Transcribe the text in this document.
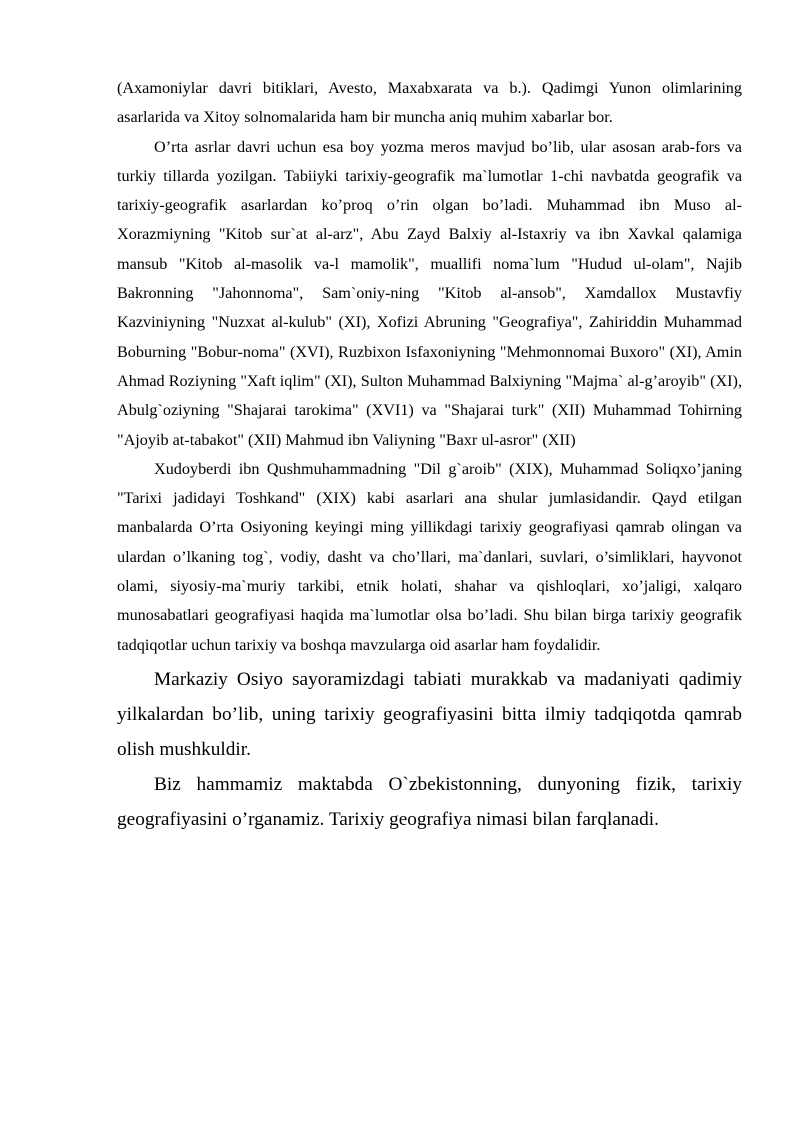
(Axamoniylar davri bitiklari, Avesto, Maxabxarata va b.). Qadimgi Yunon olimlarining asarlarida va Xitoy solnomalarida ham bir muncha aniq muhim xabarlar bor.

O’rta asrlar davri uchun esa boy yozma meros mavjud bo’lib, ular asosan arab-fors va turkiy tillarda yozilgan. Tabiiyki tarixiy-geografik ma`lumotlar 1-chi navbatda geografik va tarixiy-geografik asarlardan ko’proq o’rin olgan bo’ladi. Muhammad ibn Muso al-Xorazmiyning "Kitob sur`at al-arz", Abu Zayd Balxiy al-Istaxriy va ibn Xavkal qalamiga mansub "Kitob al-masolik va-l mamolik", muallifi noma`lum "Hudud ul-olam", Najib Bakronning "Jahonnoma", Sam`oniy-ning "Kitob al-ansob", Xamdallox Mustavfiy Kazviniyning "Nuzxat al-kulub" (XI), Xofizi Abruning "Geografiya", Zahiriddin Muhammad Boburning "Bobur-noma" (XVI), Ruzbixon Isfaxoniyning "Mehmonnomai Buxoro" (XI), Amin Ahmad Roziyning "Xaft iqlim" (XI), Sulton Muhammad Balxiyning "Majma` al-g’aroyib" (XI), Abulg`oziyning "Shajarai tarokima" (XVI1) va "Shajarai turk" (XII) Muhammad Tohirning "Ajoyib at-tabakot" (XII) Mahmud ibn Valiyning "Baxr ul-asror" (XII)

Xudoyberdi ibn Qushmuhammadning "Dil g`aroib" (XIX), Muhammad Soliqxo’janing "Tarixi jadidayi Toshkand" (XIX) kabi asarlari ana shular jumlasidandir. Qayd etilgan manbalarda O’rta Osiyoning keyingi ming yillikdagi tarixiy geografiyasi qamrab olingan va ulardan o’lkaning tog`, vodiy, dasht va cho’llari, ma`danlari, suvlari, o’simliklari, hayvonot olami, siyosiy-ma`muriy tarkibi, etnik holati, shahar va qishloqlari, xo’jaligi, xalqaro munosabatlari geografiyasi haqida ma`lumotlar olsa bo’ladi. Shu bilan birga tarixiy geografik tadqiqotlar uchun tarixiy va boshqa mavzularga oid asarlar ham foydalidir.

Markaziy Osiyo sayoramizdagi tabiati murakkab va madaniyati qadimiy yilkalardan bo’lib, uning tarixiy geografiyasini bitta ilmiy tadqiqotda qamrab olish mushkuldir.

Biz hammamiz maktabda O`zbekistonning, dunyoning fizik, tarixiy geografiyasini o’rganamiz. Tarixiy geografiya nimasi bilan farqlanadi.
